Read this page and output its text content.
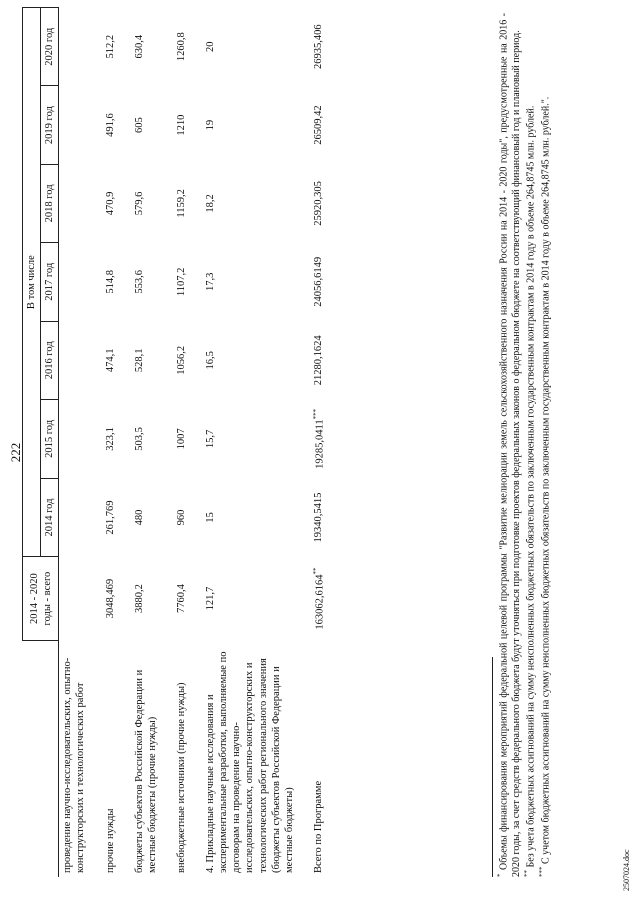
222
	2014 - 2020 годы - всего	В том числе						
		2014 год	2015 год	2016 год	2017 год	2018 год	2019 год	2020 год
проведение научно-исследовательских, опытно-конструкторских и технологических работ								
прочие нужды	3048,469	261,769	323,1	474,1	514,8	470,9	491,6	512,2
бюджеты субъектов Российской Федерации и местные бюджеты (прочие нужды)	3880,2	480	503,5	528,1	553,6	579,6	605	630,4
внебюджетные источники (прочие нужды)	7760,4	960	1007	1056,2	1107,2	1159,2	1210	1260,8
4. Прикладные научные исследования и экспериментальные разработки, выполняемые по договорам на проведение научно-исследовательских, опытно-конструкторских и технологических работ регионального значения (бюджеты субъектов Российской Федерации и местные бюджеты)	121,7	15	15,7	16,5	17,3	18,2	19	20
Всего по Программе	163062,6164**	19340,5415	19285,0411***	21280,1624	24056,6149	25920,305	26509,42	26935,406
* Объемы финансирования мероприятий федеральной целевой программы "Развитие мелиорации земель сельскохозяйственного назначения России на 2014 - 2020 годы", предусмотренные на 2016 - 2020 годы, за счет средств федерального бюджета будут уточняться при подготовке проектов федеральных законов о федеральном бюджете на соответствующий финансовый год и плановый период. ** Без учета бюджетных ассигнований на сумму неисполненных бюджетных обязательств по заключенным государственным контрактам в 2014 году в объеме 264,8745 млн. рублей.
*** С учетом бюджетных ассигнований на сумму неисполненных бюджетных обязательств по заключенным государственным контрактам в 2014 году в объеме 264,8745 млн. рублей.".
2507024.doc
